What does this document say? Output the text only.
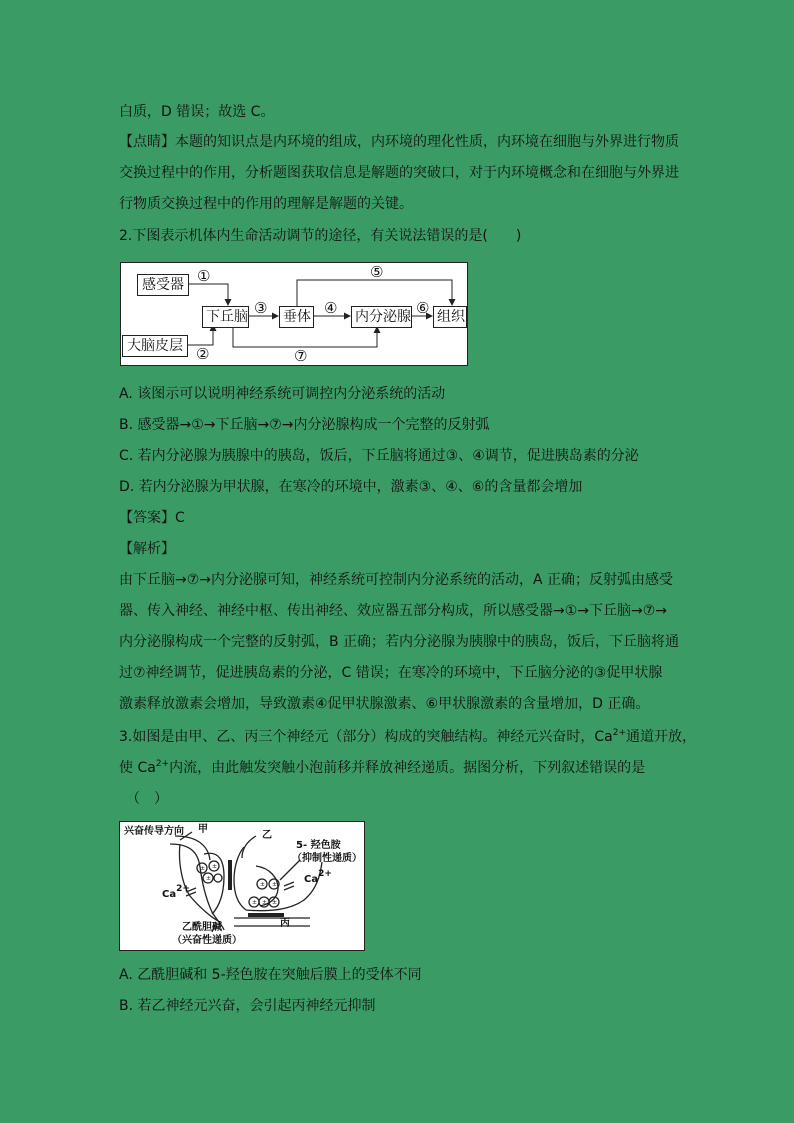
白质，D 错误；故选 C。
【点睛】本题的知识点是内环境的组成，内环境的理化性质，内环境在细胞与外界进行物质
交换过程中的作用，分析题图获取信息是解题的突破口，对于内环境概念和在细胞与外界进
行物质交换过程中的作用的理解是解题的关键。
2.下图表示机体内生命活动调节的途径，有关说法错误的是(　　)
感受器
大脑皮层
下丘脑	垂体	内分泌腺 组织
①
②
③	④
⑤
⑥
⑦
A. 该图示可以说明神经系统可调控内分泌系统的活动
B. 感受器→①→下丘脑→⑦→内分泌腺构成一个完整的反射弧
C. 若内分泌腺为胰腺中的胰岛，饭后，下丘脑将通过③、④调节，促进胰岛素的分泌
D. 若内分泌腺为甲状腺，在寒冷的环境中，激素③、④、⑥的含量都会增加
【答案】C
【解析】
由下丘脑→⑦→内分泌腺可知，神经系统可控制内分泌系统的活动，A 正确；反射弧由感受
器、传入神经、神经中枢、传出神经、效应器五部分构成，所以感受器→①→下丘脑→⑦→
内分泌腺构成一个完整的反射弧，B 正确；若内分泌腺为胰腺中的胰岛，饭后，下丘脑将通
过⑦神经调节，促进胰岛素的分泌，C 错误；在寒冷的环境中，下丘脑分泌的③促甲状腺
激素释放激素会增加，导致激素④促甲状腺激素、⑥甲状腺激素的含量增加，D 正确。
3.如图是由甲、乙、丙三个神经元（部分）构成的突触结构。神经元兴奋时，$Ca^{2+}$通道开放，
使 $Ca^{2+}$内流，由此触发突触小泡前移并释放神经递质。据图分析，下列叙述错误的是
（　）
± ±
±
± ±
± ± ±
兴奋传导方向 甲
乙
5- 羟色胺
（抑制性递质）
$Ca^{2+}$
$Ca^{2+}$
丙
乙酰胆碱
（兴奋性递质）
A. 乙酰胆碱和 5-羟色胺在突触后膜上的受体不同
B. 若乙神经元兴奋，会引起丙神经元抑制
